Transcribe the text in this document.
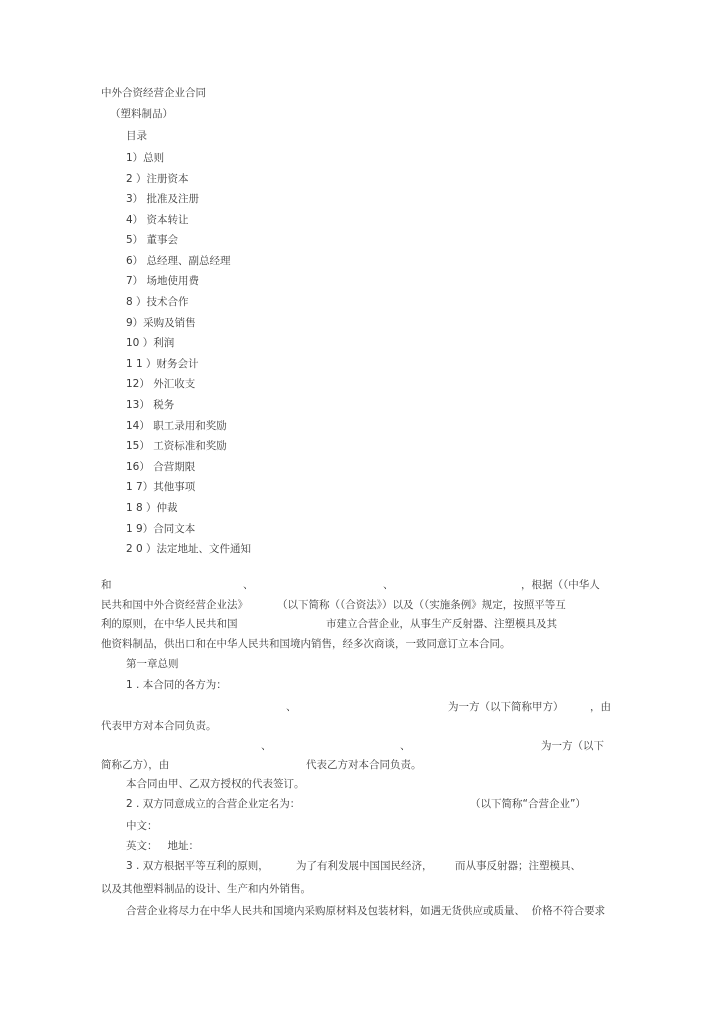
中外合资经营企业合同
（塑料制品）
目录
1）总则
2 ）注册资本
3） 批准及注册
4） 资本转让
5） 董事会
6） 总经理、副总经理
7） 场地使用费
8 ）技术合作
9）采购及销售
10 ）利润
1 1 ）财务会计
12） 外汇收支
13） 税务
14） 职工录用和奖励
15） 工资标准和奖励
16） 合营期限
1 7）其他事项
1 8 ）仲裁
1 9）合同文本
2 0 ）法定地址、文件通知
和	、	、	，根据（（中华人
民共和国中外合资经营企业法》	（以下简称（（合资法》）以及（（实施条例》规定，按照平等互
利的原则，在中华人民共和国	市建立合营企业，从事生产反射器、注塑模具及其
他资料制品，供出口和在中华人民共和国境内销售，经多次商谈，一致同意订立本合同。
第一章总则
1 . 本合同的各方为：
、	为一方（以下简称甲方）	，由
代表甲方对本合同负责。
、	、	为一方（以下
简称乙方），由	代表乙方对本合同负责。
本合同由甲、乙双方授权的代表签订。
2 . 双方同意成立的合营企业定名为：	（以下简称“合营企业”）
中文：
英文：   地址：
3 . 双方根据平等互利的原则，	为了有利发展中国国民经济， 而从事反射器；注塑模具、
以及其他塑料制品的设计、生产和内外销售。
合营企业将尽力在中华人民共和国境内采购原材料及包装材料，如遇无货供应或质量、  价格不符合要求
